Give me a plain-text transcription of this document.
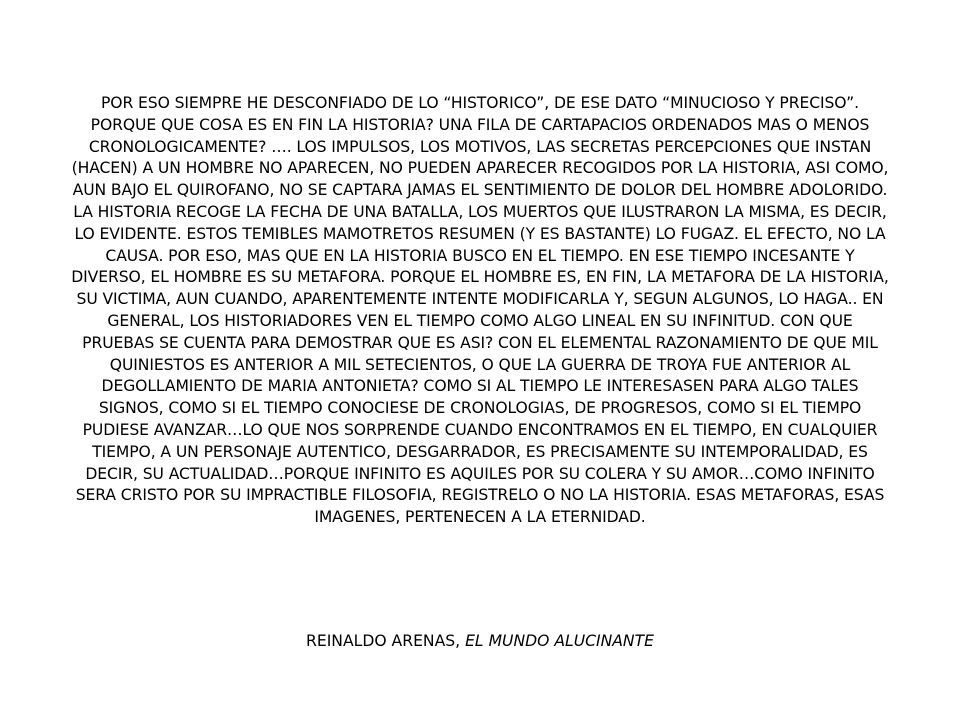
POR ESO SIEMPRE HE DESCONFIADO DE LO “HISTORICO”, DE ESE DATO “MINUCIOSO Y PRECISO”. PORQUE QUE COSA ES EN FIN LA HISTORIA? UNA FILA DE CARTAPACIOS ORDENADOS MAS O MENOS CRONOLOGICAMENTE? …. LOS IMPULSOS, LOS MOTIVOS, LAS SECRETAS PERCEPCIONES QUE INSTAN (HACEN) A UN HOMBRE NO APARECEN, NO PUEDEN APARECER RECOGIDOS POR LA HISTORIA, ASI COMO, AUN BAJO EL QUIROFANO, NO SE CAPTARA JAMAS EL SENTIMIENTO DE DOLOR DEL HOMBRE ADOLORIDO.

LA HISTORIA RECOGE LA FECHA DE UNA BATALLA, LOS MUERTOS QUE ILUSTRARON LA MISMA, ES DECIR, LO EVIDENTE. ESTOS TEMIBLES MAMOTRETOS RESUMEN (Y ES BASTANTE) LO FUGAZ. EL EFECTO, NO LA CAUSA. POR ESO, MAS QUE EN LA HISTORIA BUSCO EN EL TIEMPO. EN ESE TIEMPO INCESANTE Y DIVERSO, EL HOMBRE ES SU METAFORA. PORQUE EL HOMBRE ES, EN FIN, LA METAFORA DE LA HISTORIA, SU VICTIMA, AUN CUANDO, APARENTEMENTE INTENTE MODIFICARLA Y, SEGUN ALGUNOS, LO HAGA.. EN GENERAL, LOS HISTORIADORES VEN EL TIEMPO COMO ALGO LINEAL EN SU INFINITUD. CON QUE PRUEBAS SE CUENTA PARA DEMOSTRAR QUE ES ASI? CON EL ELEMENTAL RAZONAMIENTO DE QUE MIL QUINIESTOS ES ANTERIOR A MIL SETECIENTOS, O QUE LA GUERRA DE TROYA FUE ANTERIOR AL DEGOLLAMIENTO DE MARIA ANTONIETA? COMO SI AL TIEMPO LE INTERESASEN PARA ALGO TALES SIGNOS, COMO SI EL TIEMPO CONOCIESE DE CRONOLOGIAS, DE PROGRESOS, COMO SI EL TIEMPO PUDIESE AVANZAR…LO QUE NOS SORPRENDE CUANDO ENCONTRAMOS EN EL TIEMPO, EN CUALQUIER TIEMPO, A UN PERSONAJE AUTENTICO, DESGARRADOR, ES PRECISAMENTE SU INTEMPORALIDAD, ES DECIR, SU ACTUALIDAD…PORQUE INFINITO ES AQUILES POR SU COLERA Y SU AMOR…COMO INFINITO SERA CRISTO POR SU IMPRACTIBLE FILOSOFIA, REGISTRELO O NO LA HISTORIA. ESAS METAFORAS, ESAS IMAGENES, PERTENECEN A LA ETERNIDAD.

REINALDO ARENAS, EL MUNDO ALUCINANTE
